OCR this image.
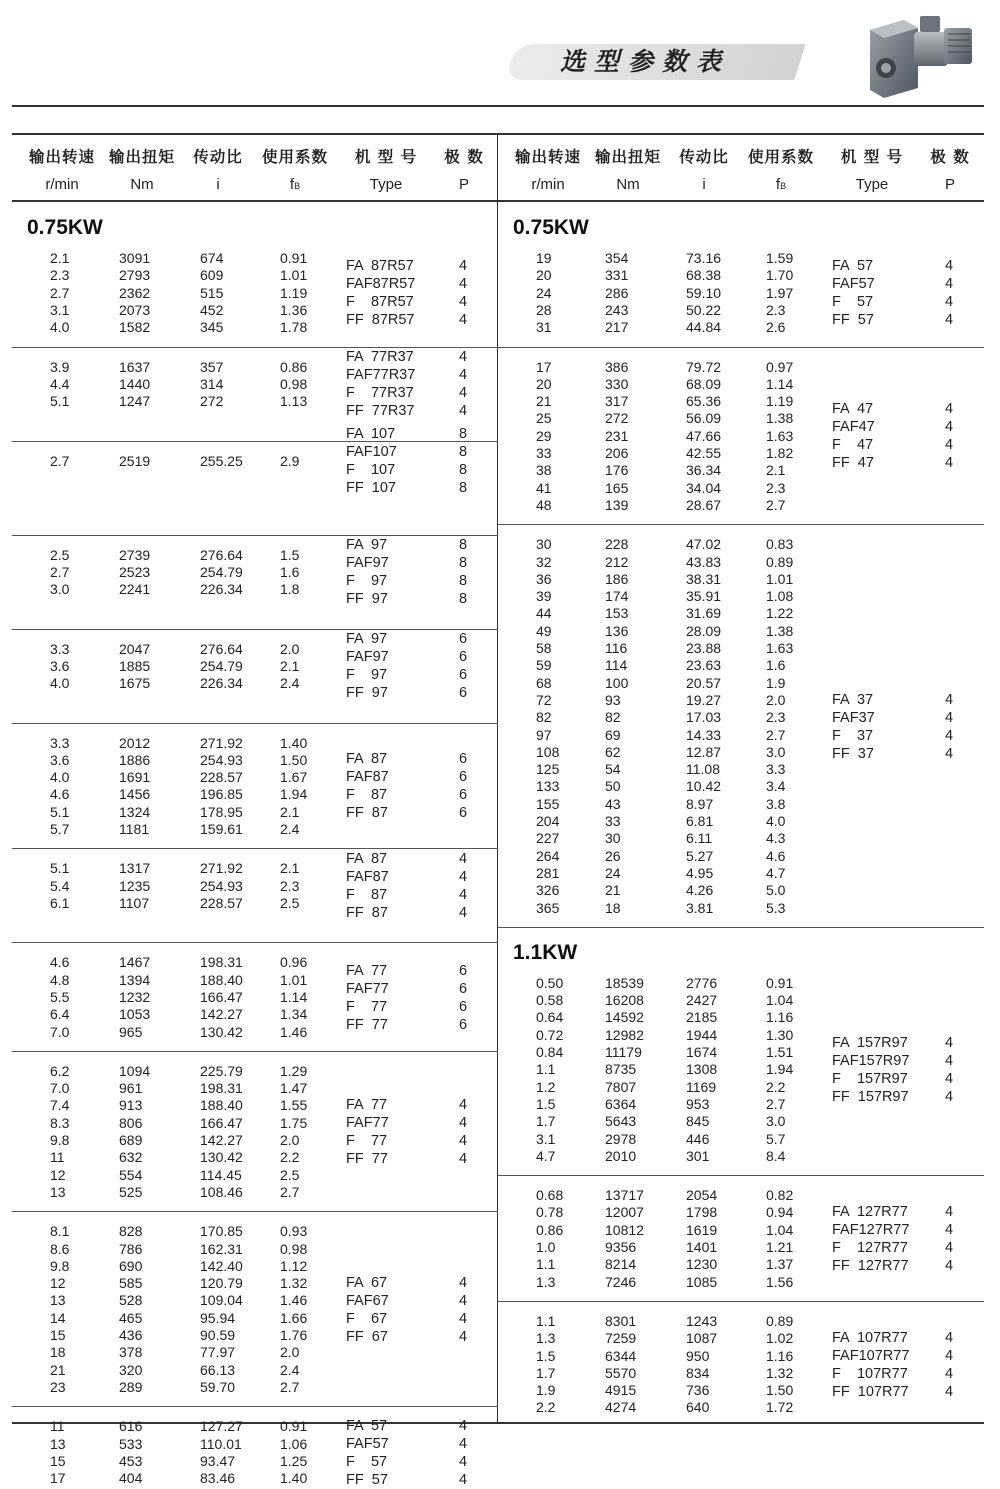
选型参数表
输出转速
r/min
输出扭矩
Nm
传动比
i
使用系数
fB
机 型 号
Type
极 数
P
0.75KW
2.1	3091	674	0.91
2.3	2793	609	1.01
2.7	2362	515	1.19
3.1	2073	452	1.36
4.0	1582	345	1.78
FA  87R57	4
FAF87R57	4
F    87R57	4
FF  87R57	4
3.9	1637	357	0.86
4.4	1440	314	0.98
5.1	1247	272	1.13
FA  77R37	4
FAF77R37	4
F    77R37	4
FF  77R37	4
2.7	2519	255.25	2.9
FA  107	8
FAF107	8
F    107	8
FF  107	8
2.5	2739	276.64	1.5
2.7	2523	254.79	1.6
3.0	2241	226.34	1.8
FA  97	8
FAF97	8
F    97	8
FF  97	8
3.3	2047	276.64	2.0
3.6	1885	254.79	2.1
4.0	1675	226.34	2.4
FA  97	6
FAF97	6
F    97	6
FF  97	6
3.3	2012	271.92	1.40
3.6	1886	254.93	1.50
4.0	1691	228.57	1.67
4.6	1456	196.85	1.94
5.1	1324	178.95	2.1
5.7	1181	159.61	2.4
FA  87	6
FAF87	6
F    87	6
FF  87	6
5.1	1317	271.92	2.1
5.4	1235	254.93	2.3
6.1	1107	228.57	2.5
FA  87	4
FAF87	4
F    87	4
FF  87	4
4.6	1467	198.31	0.96
4.8	1394	188.40	1.01
5.5	1232	166.47	1.14
6.4	1053	142.27	1.34
7.0	965	130.42	1.46
FA  77	6
FAF77	6
F    77	6
FF  77	6
6.2	1094	225.79	1.29
7.0	961	198.31	1.47
7.4	913	188.40	1.55
8.3	806	166.47	1.75
9.8	689	142.27	2.0
11	632	130.42	2.2
12	554	114.45	2.5
13	525	108.46	2.7
FA  77	4
FAF77	4
F    77	4
FF  77	4
8.1	828	170.85	0.93
8.6	786	162.31	0.98
9.8	690	142.40	1.12
12	585	120.79	1.32
13	528	109.04	1.46
14	465	95.94	1.66
15	436	90.59	1.76
18	378	77.97	2.0
21	320	66.13	2.4
23	289	59.70	2.7
FA  67	4
FAF67	4
F    67	4
FF  67	4
11	616	127.27	0.91
13	533	110.01	1.06
15	453	93.47	1.25
17	404	83.46	1.40
FA  57	4
FAF57	4
F    57	4
FF  57	4
输出转速
r/min
输出扭矩
Nm
传动比
i
使用系数
fB
机 型 号
Type
极 数
P
0.75KW
19	354	73.16	1.59
20	331	68.38	1.70
24	286	59.10	1.97
28	243	50.22	2.3
31	217	44.84	2.6
FA  57	4
FAF57	4
F    57	4
FF  57	4
17	386	79.72	0.97
20	330	68.09	1.14
21	317	65.36	1.19
25	272	56.09	1.38
29	231	47.66	1.63
33	206	42.55	1.82
38	176	36.34	2.1
41	165	34.04	2.3
48	139	28.67	2.7
FA  47	4
FAF47	4
F    47	4
FF  47	4
30	228	47.02	0.83
32	212	43.83	0.89
36	186	38.31	1.01
39	174	35.91	1.08
44	153	31.69	1.22
49	136	28.09	1.38
58	116	23.88	1.63
59	114	23.63	1.6
68	100	20.57	1.9
72	93	19.27	2.0
82	82	17.03	2.3
97	69	14.33	2.7
108	62	12.87	3.0
125	54	11.08	3.3
133	50	10.42	3.4
155	43	8.97	3.8
204	33	6.81	4.0
227	30	6.11	4.3
264	26	5.27	4.6
281	24	4.95	4.7
326	21	4.26	5.0
365	18	3.81	5.3
FA  37	4
FAF37	4
F    37	4
FF  37	4
1.1KW
0.50	18539	2776	0.91
0.58	16208	2427	1.04
0.64	14592	2185	1.16
0.72	12982	1944	1.30
0.84	11179	1674	1.51
1.1	8735	1308	1.94
1.2	7807	1169	2.2
1.5	6364	953	2.7
1.7	5643	845	3.0
3.1	2978	446	5.7
4.7	2010	301	8.4
FA  157R97	4
FAF157R97 4
F    157R97	4
FF  157R97	4
0.68	13717	2054	0.82
0.78	12007	1798	0.94
0.86	10812	1619	1.04
1.0	9356	1401	1.21
1.1	8214	1230	1.37
1.3	7246	1085	1.56
FA  127R77	4
FAF127R77 4
F    127R77	4
FF  127R77	4
1.1	8301	1243	0.89
1.3	7259	1087	1.02
1.5	6344	950	1.16
1.7	5570	834	1.32
1.9	4915	736	1.50
2.2	4274	640	1.72
FA  107R77	4
FAF107R77 4
F    107R77	4
FF  107R77	4
